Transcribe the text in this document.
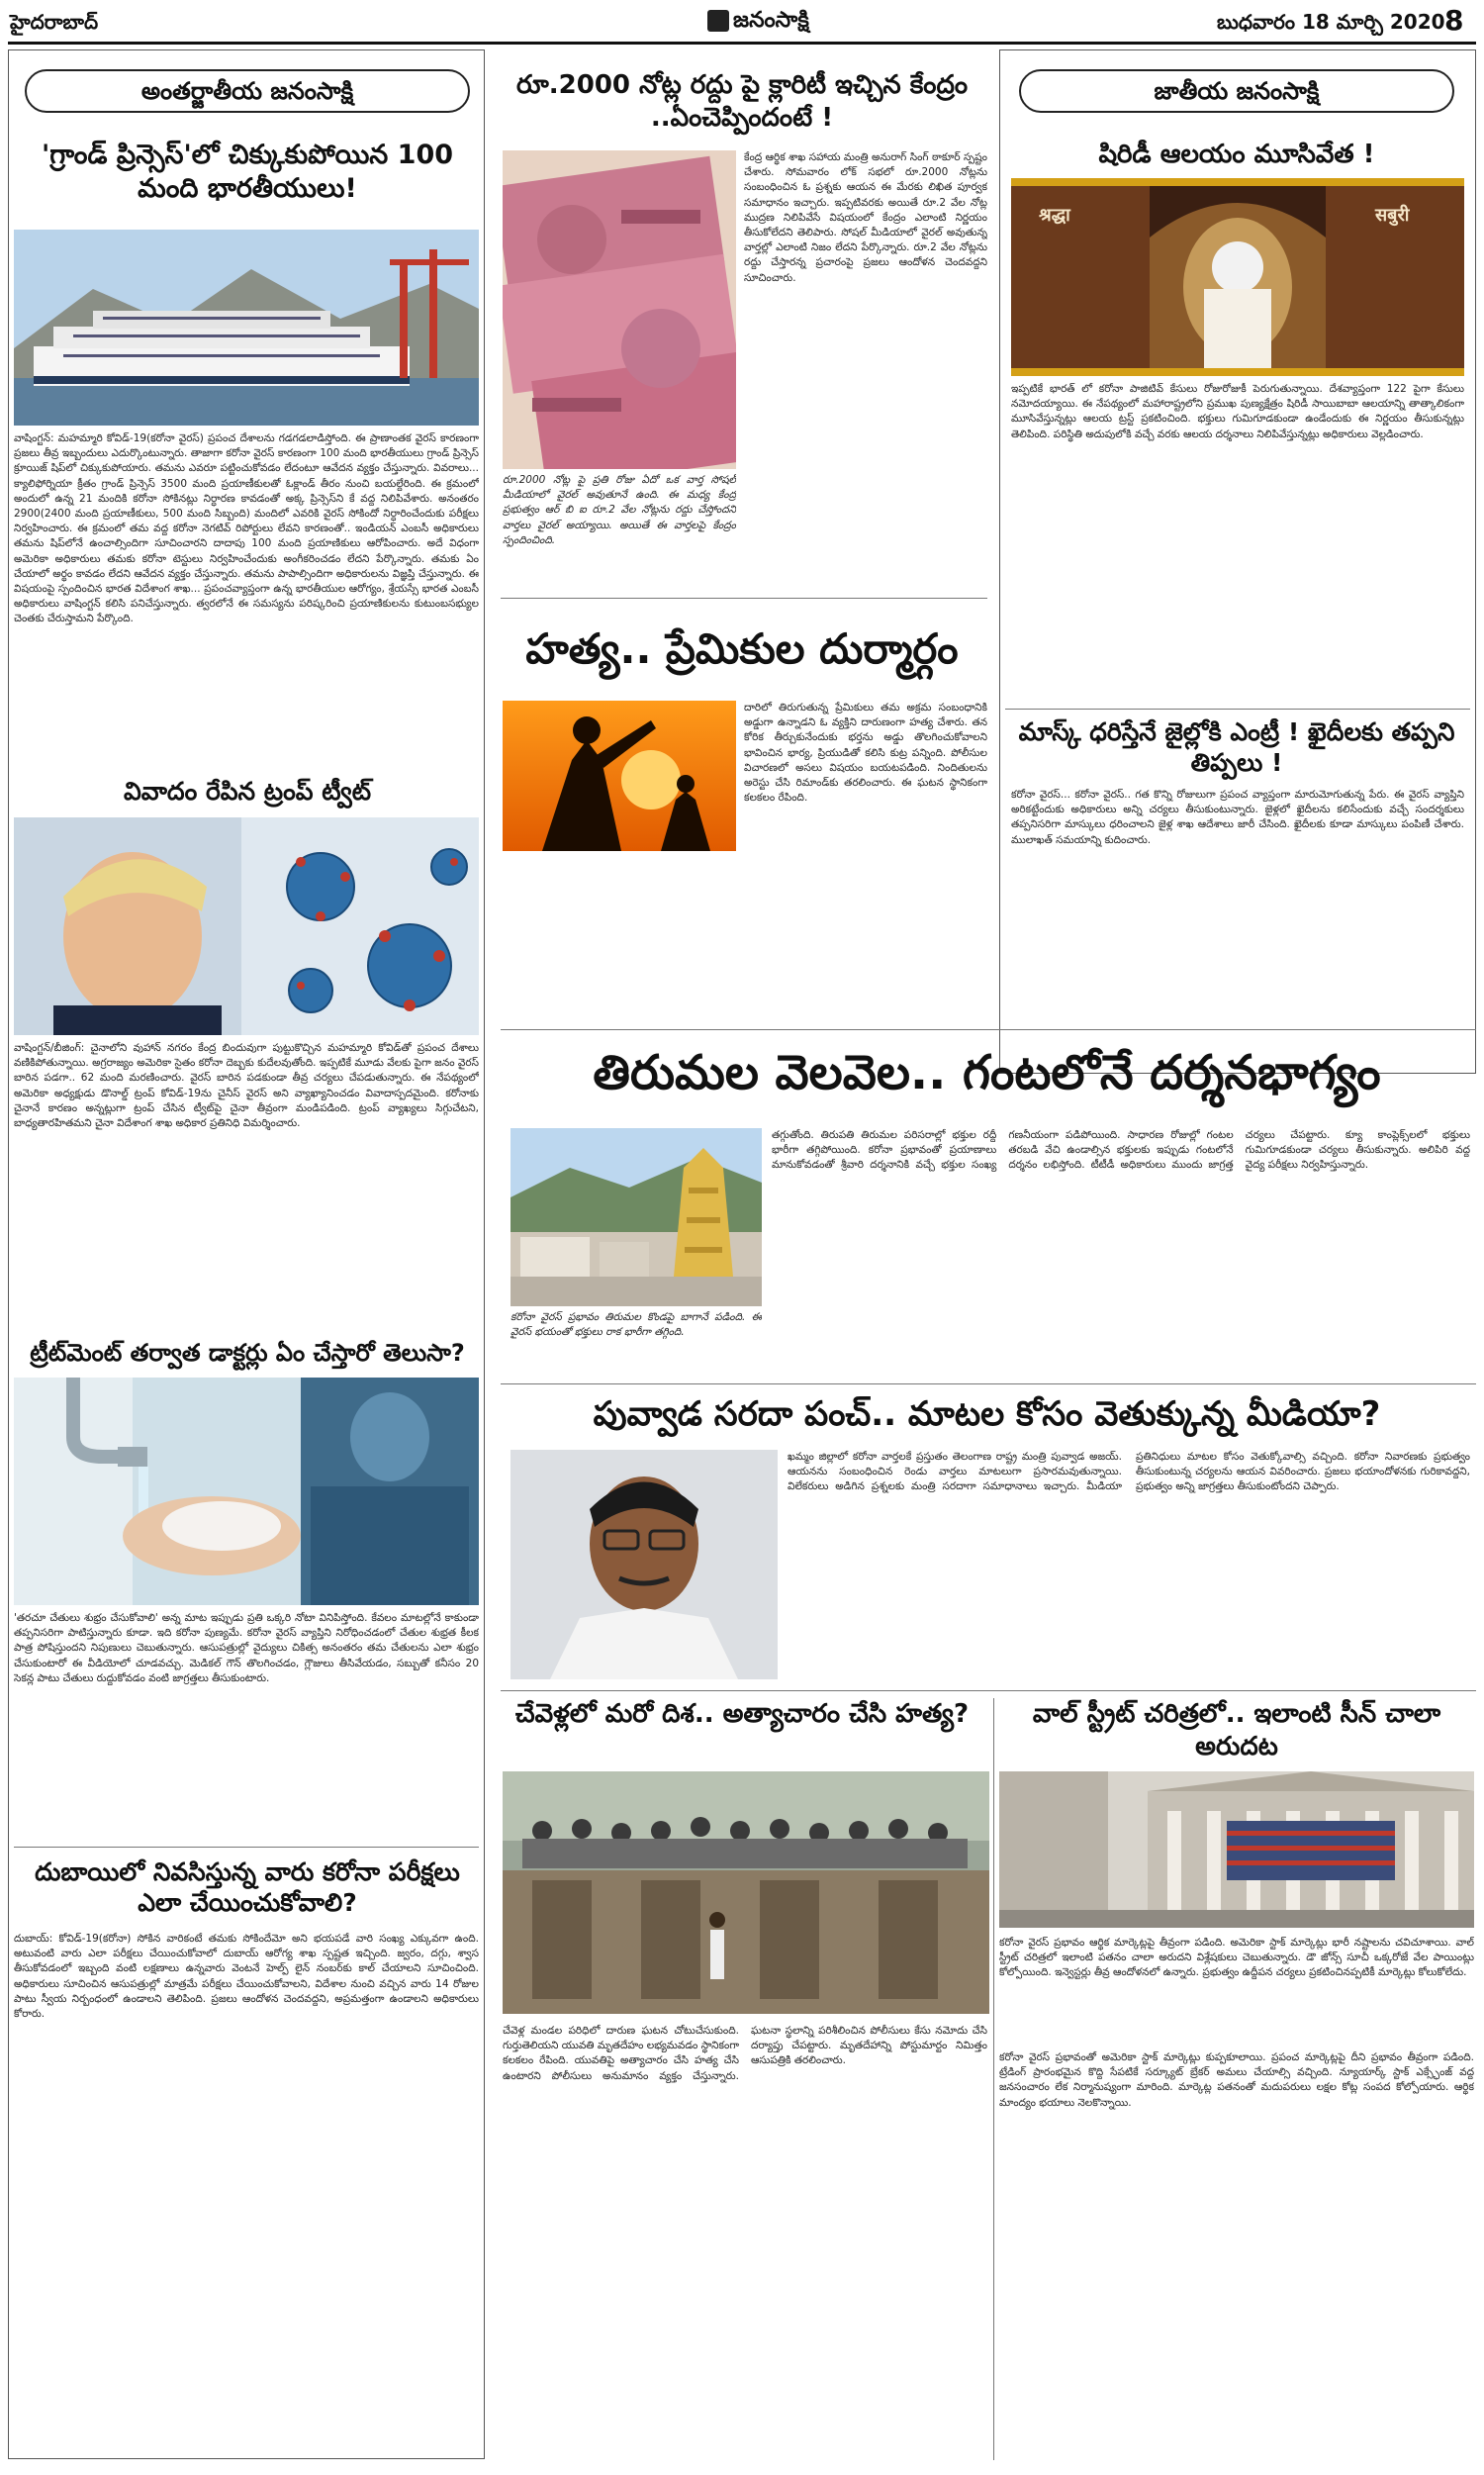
హైదరాబాద్	జనంసాక్షి	బుధవారం 18 మార్చి 2020 8
అంతర్జాతీయ జనంసాక్షి
'గ్రాండ్ ప్రిన్సెస్'లో చిక్కుకుపోయిన 100 మంది భారతీయులు!
వాషింగ్టన్: మహమ్మారి కోవిడ్-19(కరోనా వైరస్) ప్రపంచ దేశాలను గడగడలాడిస్తోంది. ఈ ప్రాణాంతక వైరస్ కారణంగా ప్రజలు తీవ్ర ఇబ్బందులు ఎదుర్కొంటున్నారు. తాజాగా కరోనా వైరస్ కారణంగా 100 మంది భారతీయులు గ్రాండ్ ప్రిన్సెస్ క్రూయిజ్ షిప్‌లో చిక్కుకుపోయారు. తమను ఎవరూ పట్టించుకోవడం లేదంటూ ఆవేదన వ్యక్తం చేస్తున్నారు. వివరాలు... క్యాలిఫోర్నియా క్రీతం గ్రాండ్ ప్రిన్సెస్ 3500 మంది ప్రయాణీకులతో ఓక్లాండ్ తీరం నుంచి బయల్దేరింది. ఈ క్రమంలో అందులో ఉన్న 21 మందికి కరోనా సోకినట్లు నిర్ధారణ కావడంతో అక్క ప్రిన్సెస్‌ని కే వద్ద నిలిపివేశారు. అనంతరం 2900(2400 మంది ప్రయాణీకులు, 500 మంది సిబ్బంది) మందిలో ఎవరికి వైరస్ సోకిందో నిర్ధారించేందుకు పరీక్షలు నిర్వహించారు. ఈ క్రమంలో తమ వద్ద కరోనా నెగటివ్ రిపోర్టులు లేవని కారణంతో.. ఇండియన్ ఎంబసీ అధికారులు తమను షిప్‌లోనే ఉంచాల్సిందిగా సూచించారని దాదాపు 100 మంది ప్రయాణికులు ఆరోపించారు. అదే విధంగా అమెరికా అధికారులు తమకు కరోనా టెస్టులు నిర్వహించేందుకు అంగీకరించడం లేదని పేర్కొన్నారు. తమకు ఏం చేయాలో అర్థం కావడం లేదని ఆవేదన వ్యక్తం చేస్తున్నారు. తమను పాపాల్సిందిగా అధికారులను విజ్ఞప్తి చేస్తున్నారు. ఈ విషయంపై స్పందించిన భారత విదేశాంగ శాఖ... ప్రపంచవ్యాప్తంగా ఉన్న భారతీయుల ఆరోగ్యం, శ్రేయస్సే భారత ఎంబసీ అధికారులు వాషింగ్టన్ కలిసి పనిచేస్తున్నారు. త్వరలోనే ఈ సమస్యను పరిష్కరించి ప్రయాణికులను కుటుంబసభ్యుల చెంతకు చేరుస్తామని పేర్కొంది.
వివాదం రేపిన ట్రంప్ ట్వీట్
వాషింగ్టన్/బీజింగ్: చైనాలోని వుహాన్ నగరం కేంద్ర బిందువుగా పుట్టుకొచ్చిన మహమ్మారి కోవిడ్‌తో ప్రపంచ దేశాలు వణికిపోతున్నాయి. అగ్రరాజ్యం అమెరికా సైతం కరోనా దెబ్బకు కుదేలవుతోంది. ఇప్పటికే మూడు వేలకు పైగా జనం వైరస్ బారిన పడగా.. 62 మంది మరణించారు. వైరస్ బారిన పడకుండా తీవ్ర చర్యలు చేపడుతున్నారు. ఈ నేపథ్యంలో అమెరికా అధ్యక్షుడు డొనాల్డ్ ట్రంప్ కోవిడ్-19ను చైనీస్ వైరస్ అని వ్యాఖ్యానించడం వివాదాస్పదమైంది. కరోనాకు చైనానే కారణం అన్నట్లుగా ట్రంప్ చేసిన ట్వీట్‌పై చైనా తీవ్రంగా మండిపడింది. ట్రంప్ వ్యాఖ్యలు సిగ్గుచేటని, బాధ్యతారహితమని చైనా విదేశాంగ శాఖ అధికార ప్రతినిధి విమర్శించారు.
ట్రీట్‌మెంట్ తర్వాత డాక్టర్లు ఏం చేస్తారో తెలుసా?
'తరచూ చేతులు శుభ్రం చేసుకోవాలి' అన్న మాట ఇప్పుడు ప్రతి ఒక్కరి నోటా వినిపిస్తోంది. కేవలం మాటల్లోనే కాకుండా తప్పనిసరిగా పాటిస్తున్నారు కూడా. ఇది కరోనా పుణ్యమే. కరోనా వైరస్ వ్యాప్తిని నిరోధించడంలో చేతుల శుభ్రత కీలక పాత్ర పోషిస్తుందని నిపుణులు చెబుతున్నారు. ఆసుపత్రుల్లో వైద్యులు చికిత్స అనంతరం తమ చేతులను ఎలా శుభ్రం చేసుకుంటారో ఈ వీడియోలో చూడవచ్చు. మెడికల్ గౌన్ తొలగించడం, గ్లౌజులు తీసివేయడం, సబ్బుతో కనీసం 20 సెకన్ల పాటు చేతులు రుద్దుకోవడం వంటి జాగ్రత్తలు తీసుకుంటారు.
దుబాయిలో నివసిస్తున్న వారు కరోనా పరీక్షలు ఎలా చేయించుకోవాలి?
దుబాయ్: కోవిడ్-19(కరోనా) సోకిన వారికంటే తమకు సోకిందేమో అని భయపడే వారి సంఖ్య ఎక్కువగా ఉంది. అటువంటి వారు ఎలా పరీక్షలు చేయించుకోవాలో దుబాయ్ ఆరోగ్య శాఖ స్పష్టత ఇచ్చింది. జ్వరం, దగ్గు, శ్వాస తీసుకోవడంలో ఇబ్బంది వంటి లక్షణాలు ఉన్నవారు వెంటనే హెల్ప్ లైన్ నంబర్‌కు కాల్ చేయాలని సూచించింది. అధికారులు సూచించిన ఆసుపత్రుల్లో మాత్రమే పరీక్షలు చేయించుకోవాలని, విదేశాల నుంచి వచ్చిన వారు 14 రోజుల పాటు స్వీయ నిర్బంధంలో ఉండాలని తెలిపింది. ప్రజలు ఆందోళన చెందవద్దని, అప్రమత్తంగా ఉండాలని అధికారులు కోరారు.
రూ.2000 నోట్ల రద్దు పై క్లారిటీ ఇచ్చిన కేంద్రం ..ఏంచెప్పిందంటే !
కేంద్ర ఆర్థిక శాఖ సహాయ మంత్రి అనురాగ్ సింగ్ ఠాకూర్ స్పష్టం చేశారు. సోమవారం లోక్ సభలో రూ.2000 నోట్లను సంబంధించిన ఓ ప్రశ్నకు ఆయన ఈ మేరకు లిఖిత పూర్వక సమాధానం ఇచ్చారు. ఇప్పటివరకు అయితే రూ.2 వేల నోట్ల ముద్రణ నిలిపివేసే విషయంలో కేంద్రం ఎలాంటి నిర్ణయం తీసుకోలేదని తెలిపారు. సోషల్ మీడియాలో వైరల్ అవుతున్న వార్తల్లో ఎలాంటి నిజం లేదని పేర్కొన్నారు. రూ.2 వేల నోట్లను రద్దు చేస్తారన్న ప్రచారంపై ప్రజలు ఆందోళన చెందవద్దని సూచించారు.
రూ.2000 నోట్ల పై ప్రతి రోజు ఏదో ఒక వార్త సోషల్ మీడియాలో వైరల్ అవుతూనే ఉంది. ఈ మధ్య కేంద్ర ప్రభుత్వం ఆర్ బి ఐ రూ.2 వేల నోట్లను రద్దు చేస్తోందని వార్తలు వైరల్ అయ్యాయి. అయితే ఈ వార్తలపై కేంద్రం స్పందించింది.
హత్య.. ప్రేమికుల దుర్మార్గం
దారిలో తిరుగుతున్న ప్రేమికులు తమ అక్రమ సంబంధానికి అడ్డుగా ఉన్నాడని ఓ వ్యక్తిని దారుణంగా హత్య చేశారు. తన కోరిక తీర్చుకునేందుకు భర్తను అడ్డు తొలగించుకోవాలని భావించిన భార్య, ప్రియుడితో కలిసి కుట్ర పన్నింది. పోలీసుల విచారణలో అసలు విషయం బయటపడింది. నిందితులను అరెస్టు చేసి రిమాండ్‌కు తరలించారు. ఈ ఘటన స్థానికంగా కలకలం రేపింది.
తిరుమల వెలవెల.. గంటలోనే దర్శనభాగ్యం
కరోనా వైరస్ ప్రభావం తిరుమల కొండపై బాగానే పడింది. ఈ వైరస్ భయంతో భక్తులు రాక భారీగా తగ్గింది.
తగ్గుతోంది. తిరుపతి తిరుమల పరిసరాల్లో భక్తుల రద్దీ భారీగా తగ్గిపోయింది. కరోనా ప్రభావంతో ప్రయాణాలు మానుకోవడంతో శ్రీవారి దర్శనానికి వచ్చే భక్తుల సంఖ్య గణనీయంగా పడిపోయింది. సాధారణ రోజుల్లో గంటల తరబడి వేచి ఉండాల్సిన భక్తులకు ఇప్పుడు గంటలోనే దర్శనం లభిస్తోంది. టీటీడీ అధికారులు ముందు జాగ్రత్త చర్యలు చేపట్టారు. క్యూ కాంప్లెక్స్‌లలో భక్తులు గుమిగూడకుండా చర్యలు తీసుకున్నారు. అలిపిరి వద్ద వైద్య పరీక్షలు నిర్వహిస్తున్నారు.
పువ్వాడ సరదా పంచ్.. మాటల కోసం వెతుక్కున్న మీడియా?
ఖమ్మం జిల్లాలో కరోనా వార్తలకే ప్రస్తుతం తెలంగాణ రాష్ట్ర మంత్రి పువ్వాడ అజయ్. ఆయనను సంబంధించిన రెండు వార్తలు మాటలుగా ప్రసారమవుతున్నాయి. విలేకరులు అడిగిన ప్రశ్నలకు మంత్రి సరదాగా సమాధానాలు ఇచ్చారు. మీడియా ప్రతినిధులు మాటల కోసం వెతుక్కోవాల్సి వచ్చింది. కరోనా నివారణకు ప్రభుత్వం తీసుకుంటున్న చర్యలను ఆయన వివరించారు. ప్రజలు భయాందోళనకు గురికావద్దని, ప్రభుత్వం అన్ని జాగ్రత్తలు తీసుకుంటోందని చెప్పారు.
చేవెళ్లలో మరో దిశ.. అత్యాచారం చేసి హత్య?
చేవెళ్ల మండల పరిధిలో దారుణ ఘటన చోటుచేసుకుంది. గుర్తుతెలియని యువతి మృతదేహం లభ్యమవడం స్థానికంగా కలకలం రేపింది. యువతిపై అత్యాచారం చేసి హత్య చేసి ఉంటారని పోలీసులు అనుమానం వ్యక్తం చేస్తున్నారు. ఘటనా స్థలాన్ని పరిశీలించిన పోలీసులు కేసు నమోదు చేసి దర్యాప్తు చేపట్టారు. మృతదేహాన్ని పోస్టుమార్టం నిమిత్తం ఆసుపత్రికి తరలించారు.
వాల్ స్ట్రీట్ చరిత్రలో.. ఇలాంటి సీన్ చాలా అరుదట
కరోనా వైరస్ ప్రభావం ఆర్థిక మార్కెట్లపై తీవ్రంగా పడింది. అమెరికా స్టాక్ మార్కెట్లు భారీ నష్టాలను చవిచూశాయి. వాల్ స్ట్రీట్ చరిత్రలో ఇలాంటి పతనం చాలా అరుదని విశ్లేషకులు చెబుతున్నారు. డౌ జోన్స్ సూచీ ఒక్కరోజే వేల పాయింట్లు కోల్పోయింది. ఇన్వెస్టర్లు తీవ్ర ఆందోళనలో ఉన్నారు. ప్రభుత్వం ఉద్దీపన చర్యలు ప్రకటించినప్పటికీ మార్కెట్లు కోలుకోలేదు.
జాతీయ జనంసాక్షి
షిరిడీ ఆలయం మూసివేత !
श्रद्धा	सबुरी
ఇప్పటికే భారత్ లో కరోనా పాజిటివ్ కేసులు రోజురోజుకీ పెరుగుతున్నాయి. దేశవ్యాప్తంగా 122 పైగా కేసులు నమోదయ్యాయి. ఈ నేపథ్యంలో మహారాష్ట్రలోని ప్రముఖ పుణ్యక్షేత్రం షిరిడీ సాయిబాబా ఆలయాన్ని తాత్కాలికంగా మూసివేస్తున్నట్లు ఆలయ ట్రస్ట్ ప్రకటించింది. భక్తులు గుమిగూడకుండా ఉండేందుకు ఈ నిర్ణయం తీసుకున్నట్లు తెలిపింది. పరిస్థితి అదుపులోకి వచ్చే వరకు ఆలయ దర్శనాలు నిలిపివేస్తున్నట్లు అధికారులు వెల్లడించారు.
మాస్క్ ధరిస్తేనే జైల్లోకి ఎంట్రీ ! ఖైదీలకు తప్పని తిప్పలు !
కరోనా వైరస్... కరోనా వైరస్.. గత కొన్ని రోజులుగా ప్రపంచ వ్యాప్తంగా మారుమోగుతున్న పేరు. ఈ వైరస్ వ్యాప్తిని అరికట్టేందుకు అధికారులు అన్ని చర్యలు తీసుకుంటున్నారు. జైళ్లలో ఖైదీలను కలిసేందుకు వచ్చే సందర్శకులు తప్పనిసరిగా మాస్కులు ధరించాలని జైళ్ల శాఖ ఆదేశాలు జారీ చేసింది. ఖైదీలకు కూడా మాస్కులు పంపిణీ చేశారు. ములాఖత్ సమయాన్ని కుదించారు.
కరోనా వైరస్ ప్రభావంతో అమెరికా స్టాక్ మార్కెట్లు కుప్పకూలాయి. ప్రపంచ మార్కెట్లపై దీని ప్రభావం తీవ్రంగా పడింది. ట్రేడింగ్ ప్రారంభమైన కొద్ది సేపటికే సర్క్యూట్ బ్రేకర్ అమలు చేయాల్సి వచ్చింది. న్యూయార్క్ స్టాక్ ఎక్స్ఛేంజ్ వద్ద జనసంచారం లేక నిర్మానుష్యంగా మారింది. మార్కెట్ల పతనంతో మదుపరులు లక్షల కోట్ల సంపద కోల్పోయారు. ఆర్థిక మాంద్యం భయాలు నెలకొన్నాయి.
